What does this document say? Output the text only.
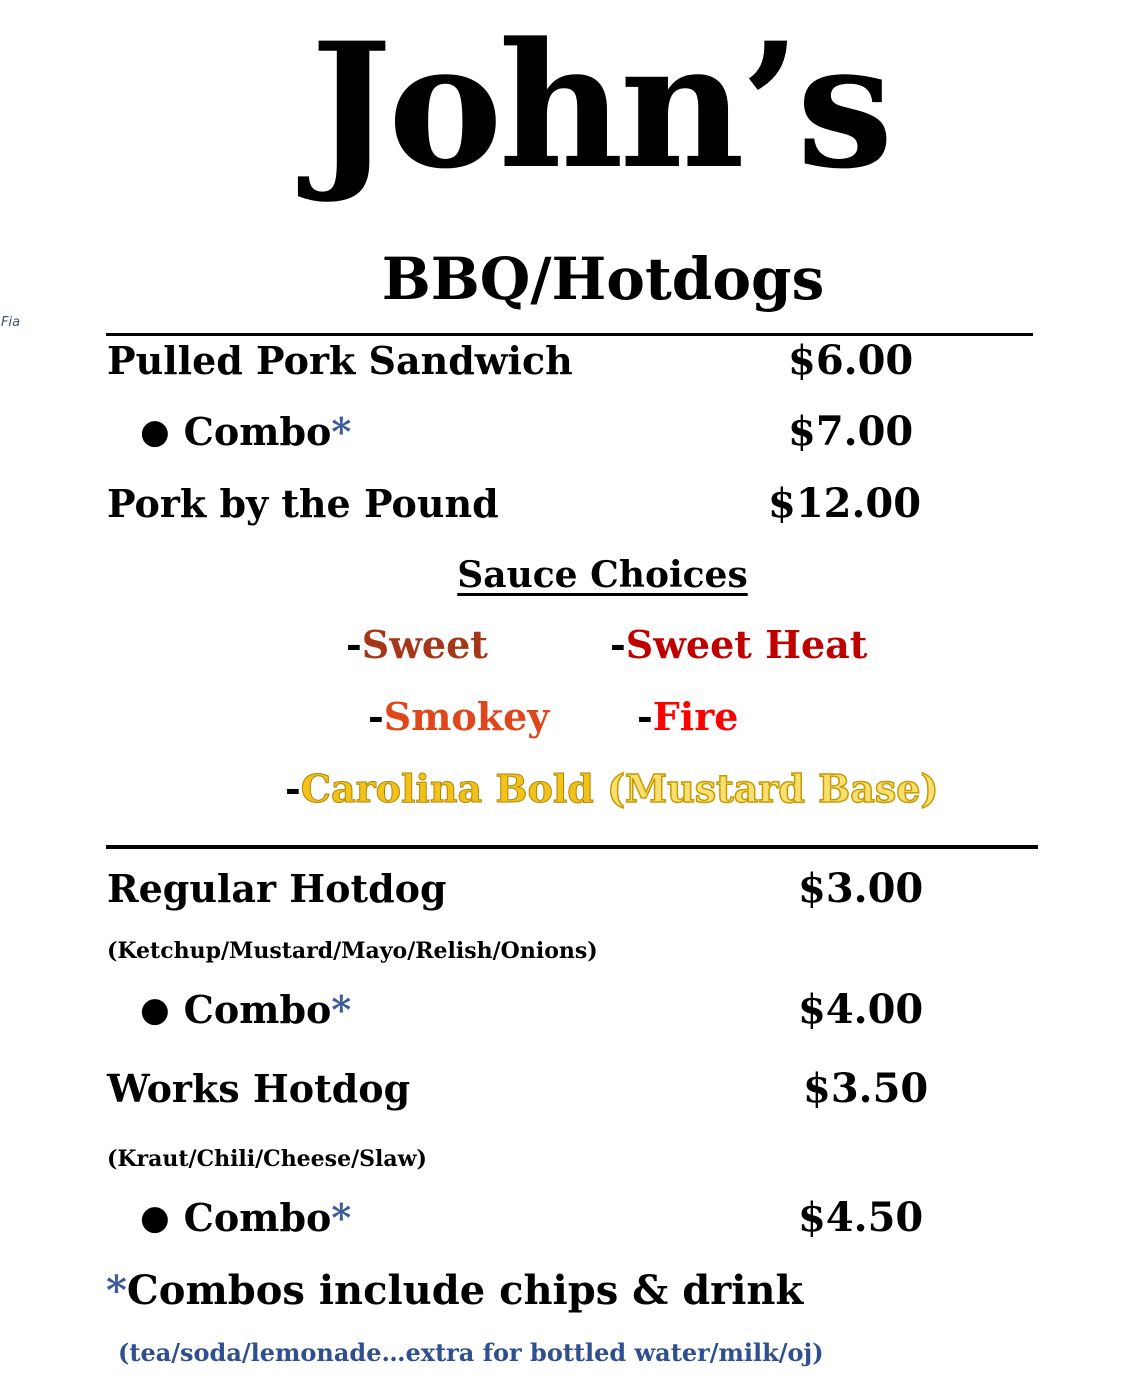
John’s
BBQ/Hotdogs
Fia
Pulled Pork Sandwich	$6.00
● Combo*	$7.00
Pork by the Pound	$12.00
Sauce Choices
-Sweet	-Sweet Heat
-Smokey -Fire
-Carolina Bold (Mustard Base)
Regular Hotdog	$3.00
(Ketchup/Mustard/Mayo/Relish/Onions)
● Combo*	$4.00
Works Hotdog	$3.50
(Kraut/Chili/Cheese/Slaw)
● Combo*	$4.50
*Combos include chips & drink
(tea/soda/lemonade…extra for bottled water/milk/oj)
